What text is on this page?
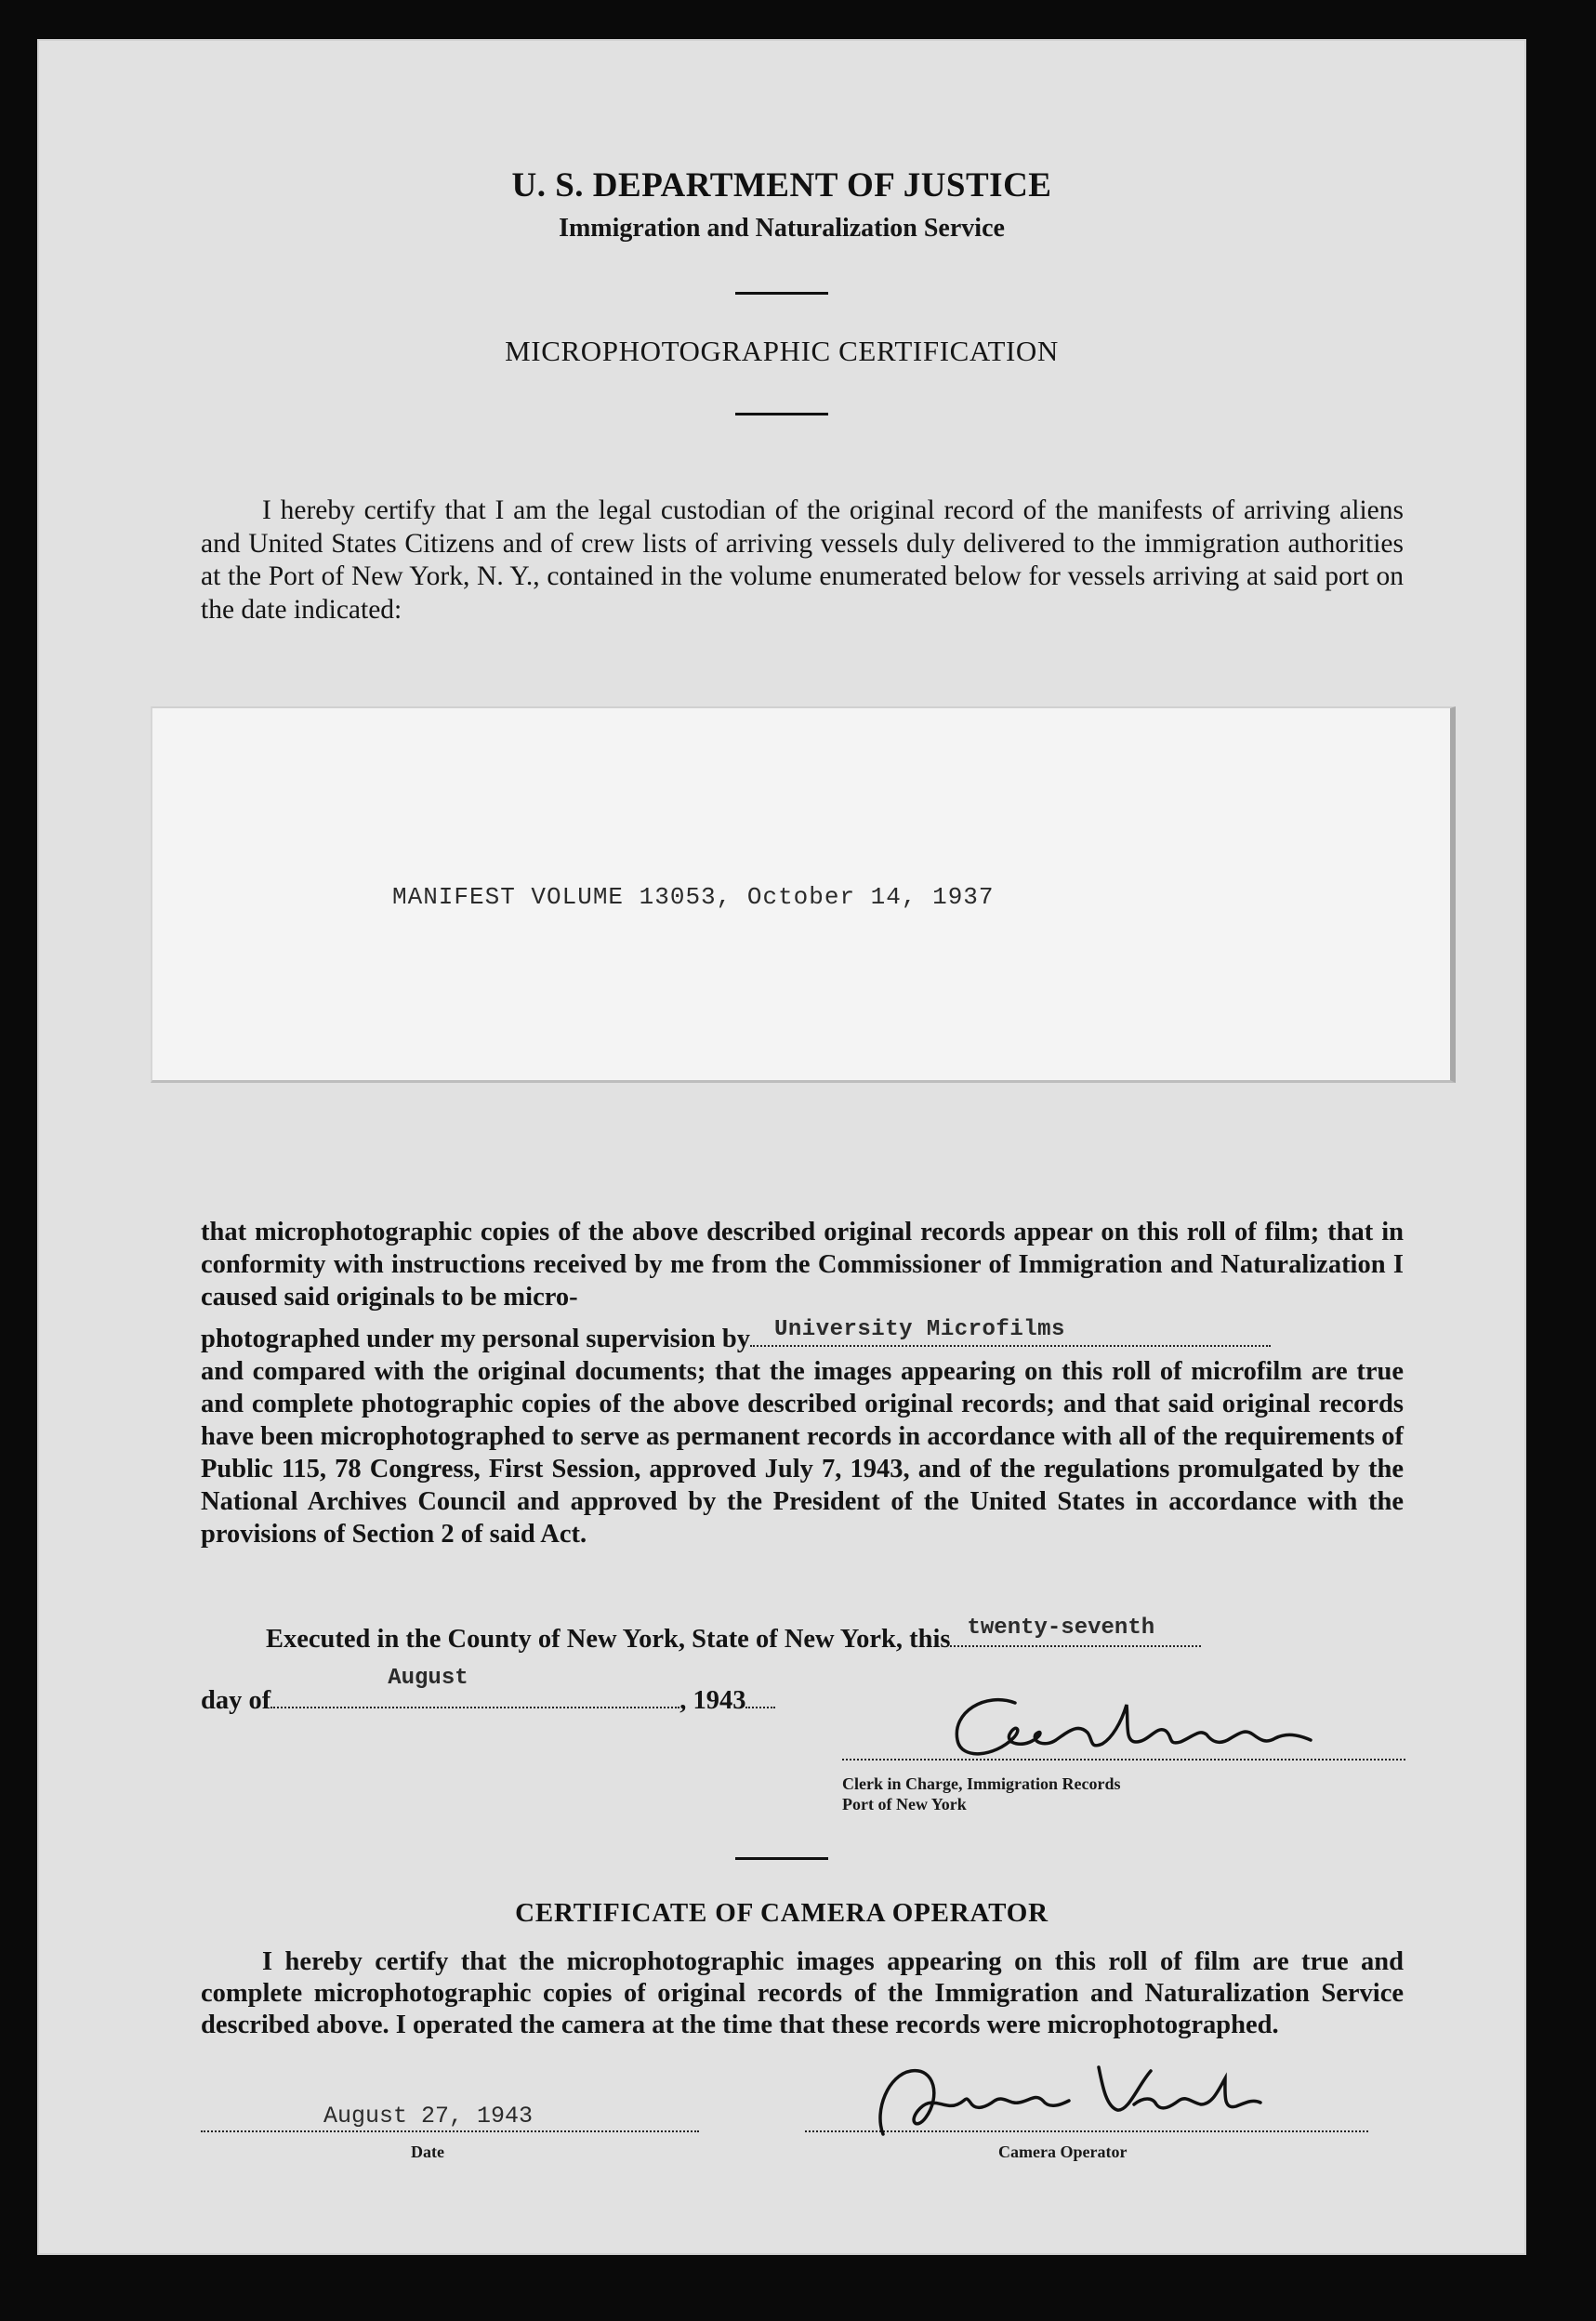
U. S. DEPARTMENT OF JUSTICE
Immigration and Naturalization Service
MICROPHOTOGRAPHIC CERTIFICATION

I hereby certify that I am the legal custodian of the original record of the manifests of arriving aliens and United States Citizens and of crew lists of arriving vessels duly delivered to the immigration authorities at the Port of New York, N. Y., contained in the volume enumerated below for vessels arriving at said port on the date indicated:

MANIFEST VOLUME 13053, October 14, 1937

that microphotographic copies of the above described original records appear on this roll of film; that in conformity with instructions received by me from the Commissioner of Immigration and Naturalization I caused said originals to be micro-

photographed under my personal supervision by University Microfilms

and compared with the original documents; that the images appearing on this roll of microfilm are true and complete photographic copies of the above described original records; and that said original records have been microphotographed to serve as permanent records in accordance with all of the requirements of Public 115, 78 Congress, First Session, approved July 7, 1943, and of the regulations promulgated by the National Archives Council and approved by the President of the United States in accordance with the provisions of Section 2 of said Act.

Executed in the County of New York, State of New York, this twenty-seventh
day of
August
, 1943
Clerk in Charge, Immigration Records
Port of New York
CERTIFICATE OF CAMERA OPERATOR

I hereby certify that the microphotographic images appearing on this roll of film are true and complete microphotographic copies of original records of the Immigration and Naturalization Service described above. I operated the camera at the time that these records were microphotographed.

August 27, 1943
Date	Camera Operator
